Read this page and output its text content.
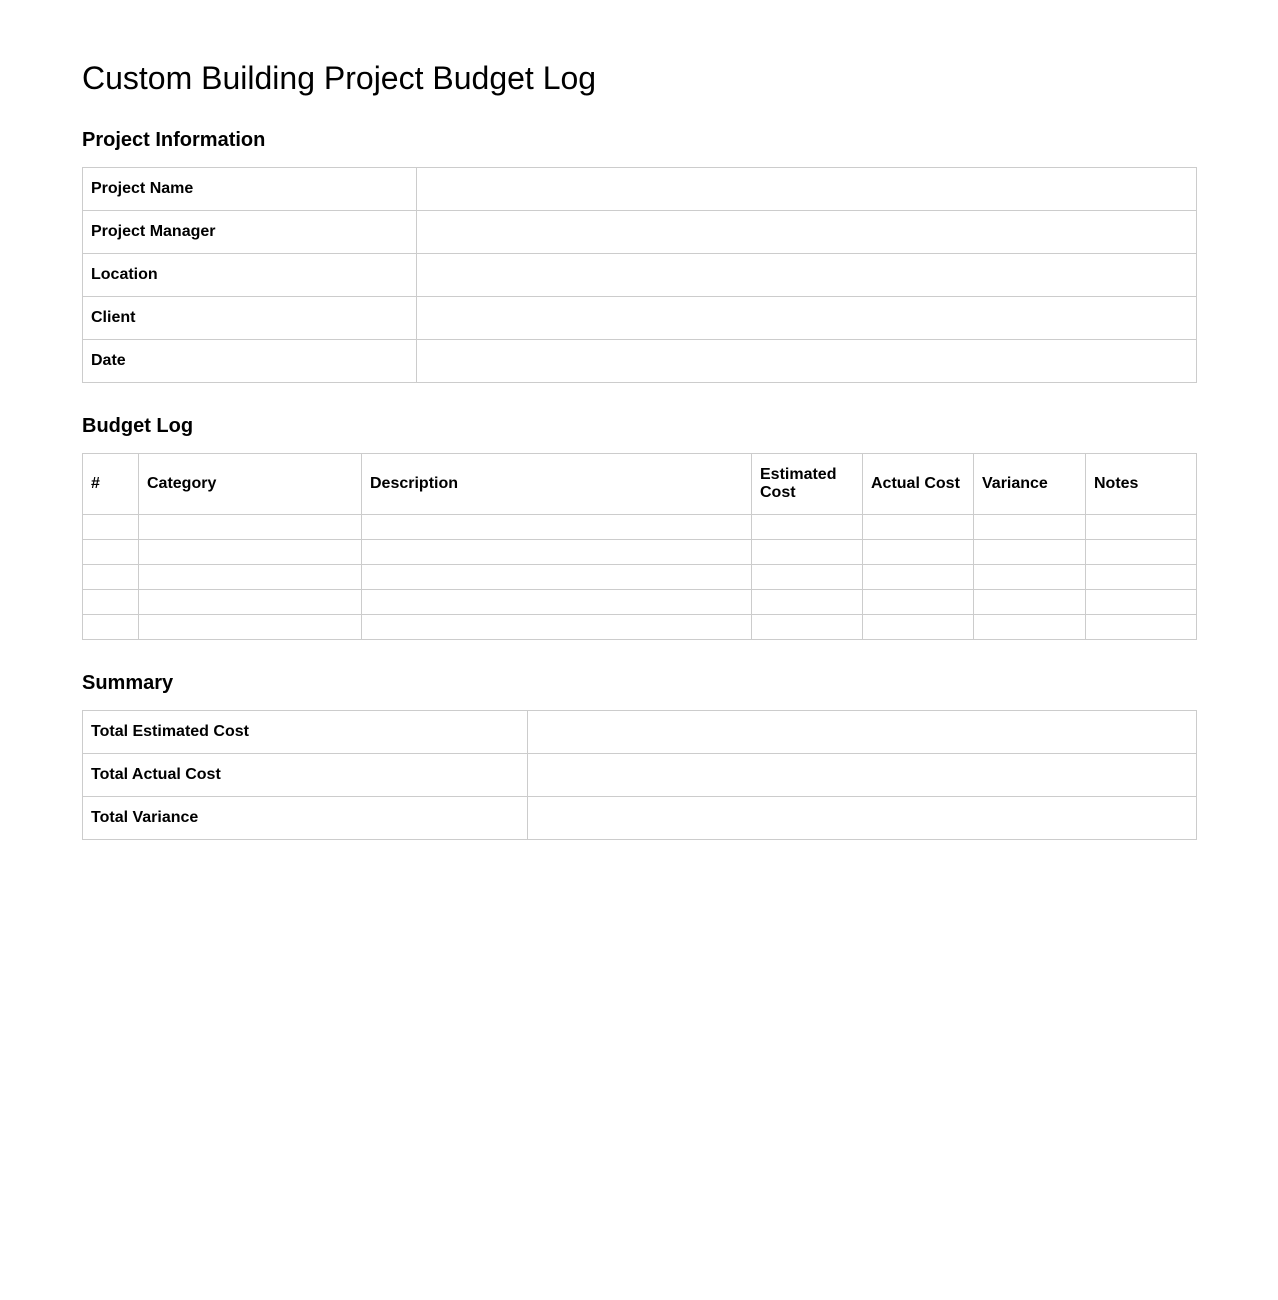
Custom Building Project Budget Log
Project Information
Project Name	
Project Manager	
Location	
Client	
Date	
Budget Log
#	Category	Description	Estimated Cost	Actual Cost	Variance	Notes

Summary
Total Estimated Cost	
Total Actual Cost	
Total Variance	
